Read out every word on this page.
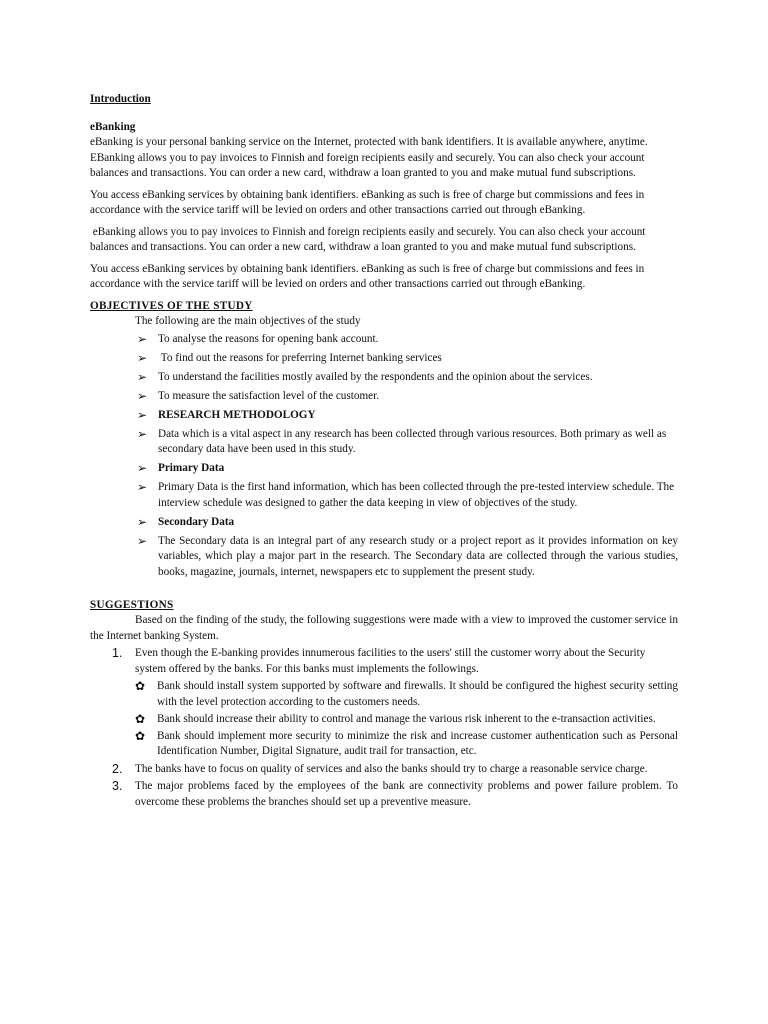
Introduction

eBanking

eBanking is your personal banking service on the Internet, protected with bank identifiers. It is available anywhere, anytime. EBanking allows you to pay invoices to Finnish and foreign recipients easily and securely. You can also check your account balances and transactions. You can order a new card, withdraw a loan granted to you and make mutual fund subscriptions.

You access eBanking services by obtaining bank identifiers. eBanking as such is free of charge but commissions and fees in accordance with the service tariff will be levied on orders and other transactions carried out through eBanking.

eBanking allows you to pay invoices to Finnish and foreign recipients easily and securely. You can also check your account balances and transactions. You can order a new card, withdraw a loan granted to you and make mutual fund subscriptions.

You access eBanking services by obtaining bank identifiers. eBanking as such is free of charge but commissions and fees in accordance with the service tariff will be levied on orders and other transactions carried out through eBanking.

OBJECTIVES OF THE STUDY

The following are the main objectives of the study

➢ To analyse the reasons for opening bank account.
➢ To find out the reasons for preferring Internet banking services
➢ To understand the facilities mostly availed by the respondents and the opinion about the services.
➢ To measure the satisfaction level of the customer.
➢ RESEARCH METHODOLOGY
➢ Data which is a vital aspect in any research has been collected through various resources. Both primary as well as secondary data have been used in this study.
➢ Primary Data
➢ Primary Data is the first hand information, which has been collected through the pre-tested interview schedule. The interview schedule was designed to gather the data keeping in view of objectives of the study.
➢ Secondary Data
➢ The Secondary data is an integral part of any research study or a project report as it provides information on key variables, which play a major part in the research. The Secondary data are collected through the various studies, books, magazine, journals, internet, newspapers etc to supplement the present study.

SUGGESTIONS

Based on the finding of the study, the following suggestions were made with a view to improved the customer service in the Internet banking System.

1. Even though the E-banking provides innumerous facilities to the users' still the customer worry about the Security system offered by the banks. For this banks must implements the followings.
✿ Bank should install system supported by software and firewalls. It should be configured the highest security setting with the level protection according to the customers needs.
✿ Bank should increase their ability to control and manage the various risk inherent to the e-transaction activities.
✿ Bank should implement more security to minimize the risk and increase customer authentication such as Personal Identification Number, Digital Signature, audit trail for transaction, etc.
2. The banks have to focus on quality of services and also the banks should try to charge a reasonable service charge.
3. The major problems faced by the employees of the bank are connectivity problems and power failure problem. To overcome these problems the branches should set up a preventive measure.
